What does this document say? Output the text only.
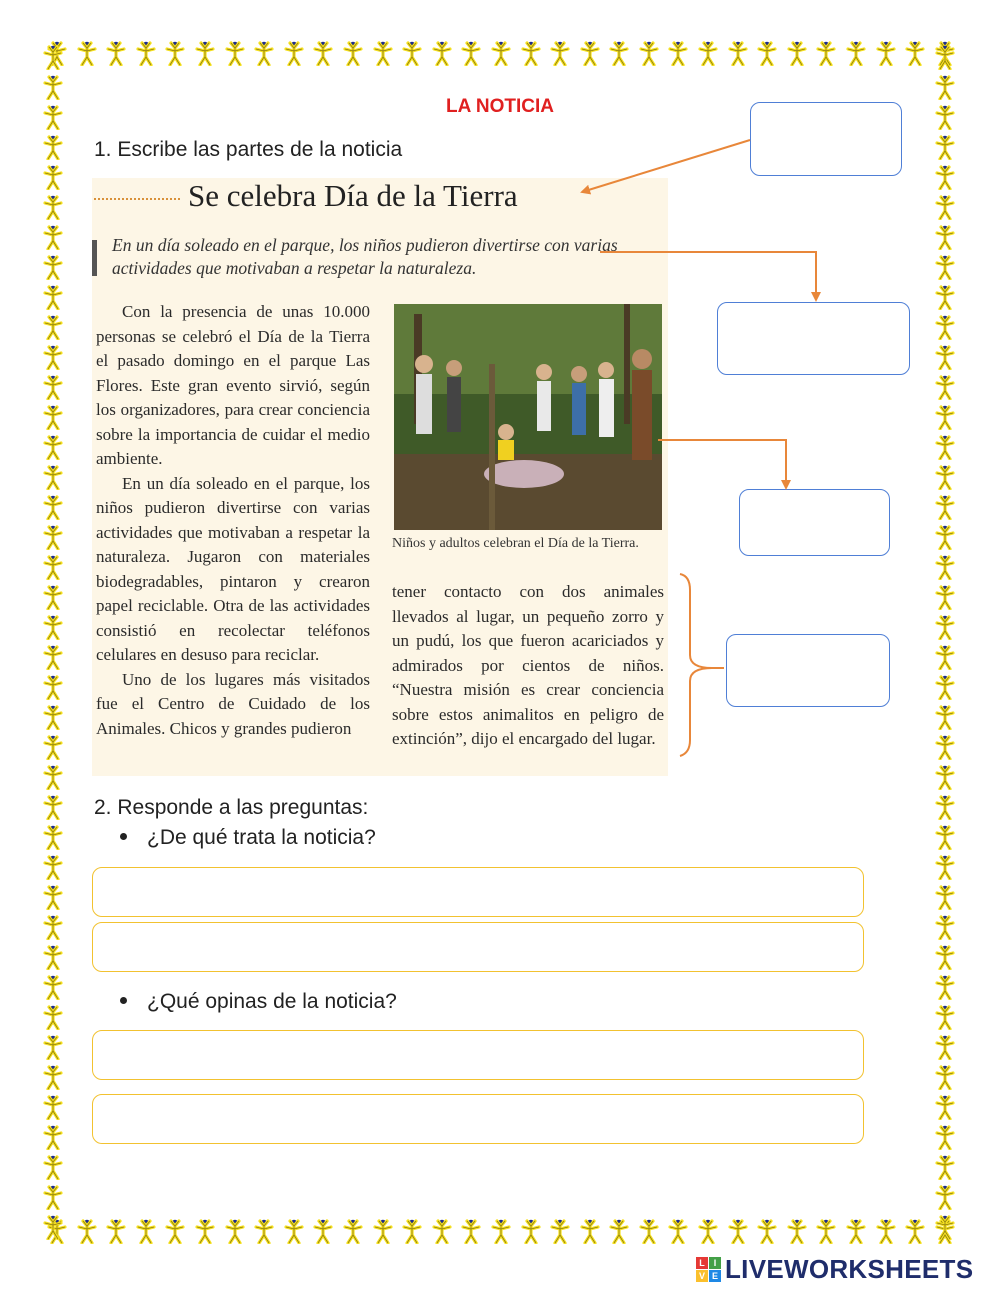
LA NOTICIA
1. Escribe las partes de la noticia
Se celebra Día de la Tierra
En un día soleado en el parque, los niños pudieron divertirse con varias actividades que motivaban a respetar la naturaleza.

Con la presencia de unas 10.000 personas se celebró el Día de la Tierra el pasado domingo en el parque Las Flores. Este gran evento sirvió, según los organizadores, para crear conciencia sobre la importancia de cuidar el medio ambiente.

En un día soleado en el parque, los niños pudieron divertirse con varias actividades que motivaban a respetar la naturaleza. Jugaron con materiales biodegradables, pintaron y crearon papel reciclable. Otra de las actividades consistió en recolectar teléfonos celulares en desuso para reciclar.

Uno de los lugares más visitados fue el Centro de Cuidado de los Animales. Chicos y grandes pudieron

Niños y adultos celebran el Día de la Tierra.

tener contacto con dos animales llevados al lugar, un pequeño zorro y un pudú, los que fueron acariciados y admirados por cientos de niños. “Nuestra misión es crear conciencia sobre estos animalitos en peligro de extinción”, dijo el encargado del lugar.

2. Responde a las preguntas:
¿De qué trata la noticia?
¿Qué opinas de la noticia?
L I
V E LIVEWORKSHEETS
